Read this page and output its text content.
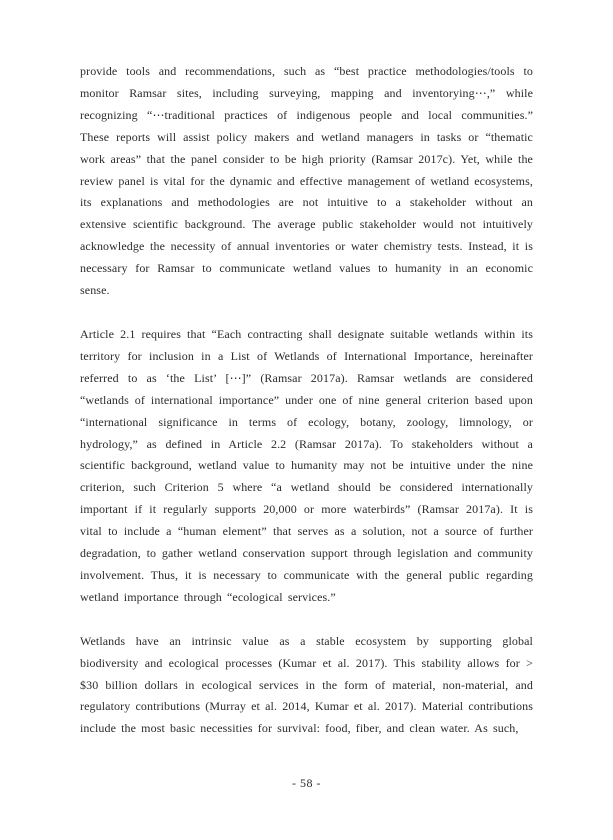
provide tools and recommendations, such as “best practice methodologies/tools to monitor Ramsar sites, including surveying, mapping and inventorying⋯,” while recognizing “⋯traditional practices of indigenous people and local communities.” These reports will assist policy makers and wetland managers in tasks or “thematic work areas” that the panel consider to be high priority (Ramsar 2017c). Yet, while the review panel is vital for the dynamic and effective management of wetland ecosystems, its explanations and methodologies are not intuitive to a stakeholder without an extensive scientific background. The average public stakeholder would not intuitively acknowledge the necessity of annual inventories or water chemistry tests. Instead, it is necessary for Ramsar to communicate wetland values to humanity in an economic sense.

Article 2.1 requires that “Each contracting shall designate suitable wetlands within its territory for inclusion in a List of Wetlands of International Importance, hereinafter referred to as ‘the List’ [⋯]” (Ramsar 2017a). Ramsar wetlands are considered “wetlands of international importance” under one of nine general criterion based upon “international significance in terms of ecology, botany, zoology, limnology, or hydrology,” as defined in Article 2.2 (Ramsar 2017a). To stakeholders without a scientific background, wetland value to humanity may not be intuitive under the nine criterion, such Criterion 5 where “a wetland should be considered internationally important if it regularly supports 20,000 or more waterbirds” (Ramsar 2017a). It is vital to include a “human element” that serves as a solution, not a source of further degradation, to gather wetland conservation support through legislation and community involvement. Thus, it is necessary to communicate with the general public regarding wetland importance through “ecological services.”

Wetlands have an intrinsic value as a stable ecosystem by supporting global biodiversity and ecological processes (Kumar et al. 2017). This stability allows for > $30 billion dollars in ecological services in the form of material, non-material, and regulatory contributions (Murray et al. 2014, Kumar et al. 2017). Material contributions include the most basic necessities for survival: food, fiber, and clean water. As such,

- 58 -
